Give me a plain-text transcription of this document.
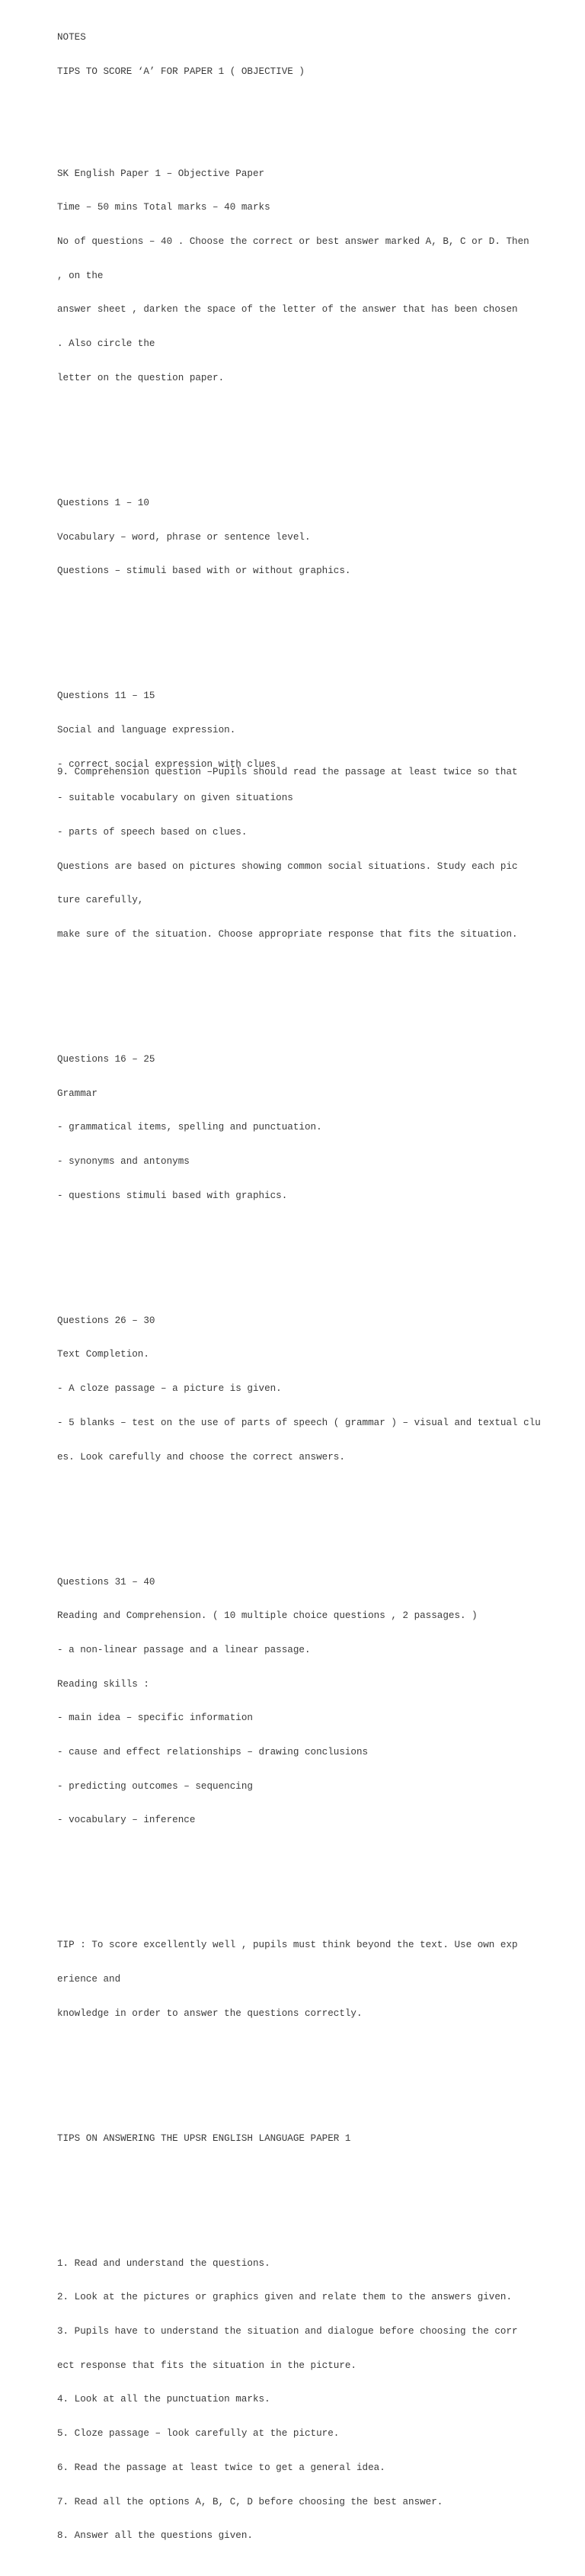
NOTES

TIPS TO SCORE ‘A’ FOR PAPER 1 ( OBJECTIVE )

SK English Paper 1 – Objective Paper

Time – 50 mins Total marks – 40 marks

No of questions – 40 . Choose the correct or best answer marked A, B, C or D. Then

, on the

answer sheet , darken the space of the letter of the answer that has been chosen

. Also circle the

letter on the question paper.

Questions 1 – 10

Vocabulary – word, phrase or sentence level.

Questions – stimuli based with or without graphics.

Questions 11 – 15

Social and language expression.

- correct social expression with clues

- suitable vocabulary on given situations

- parts of speech based on clues.

Questions are based on pictures showing common social situations. Study each pic

ture carefully,

make sure of the situation. Choose appropriate response that fits the situation.

Questions 16 – 25

Grammar

- grammatical items, spelling and punctuation.

- synonyms and antonyms

- questions stimuli based with graphics.

Questions 26 – 30

Text Completion.

- A cloze passage – a picture is given.

- 5 blanks – test on the use of parts of speech ( grammar ) – visual and textual clu

es. Look carefully and choose the correct answers.

Questions 31 – 40

Reading and Comprehension. ( 10 multiple choice questions , 2 passages. )

- a non-linear passage and a linear passage.

Reading skills :

- main idea – specific information

- cause and effect relationships – drawing conclusions

- predicting outcomes – sequencing

- vocabulary – inference

TIP : To score excellently well , pupils must think beyond the text. Use own exp

erience and

knowledge in order to answer the questions correctly.

TIPS ON ANSWERING THE UPSR ENGLISH LANGUAGE PAPER 1

1. Read and understand the questions.

2. Look at the pictures or graphics given and relate them to the answers given.

3. Pupils have to understand the situation and dialogue before choosing the corr

ect response that fits the situation in the picture.

4. Look at all the punctuation marks.

5. Cloze passage – look carefully at the picture.

6. Read the passage at least twice to get a general idea.

7. Read all the options A, B, C, D before choosing the best answer.

8. Answer all the questions given.

9. Comprehension question –Pupils should read the passage at least twice so that
